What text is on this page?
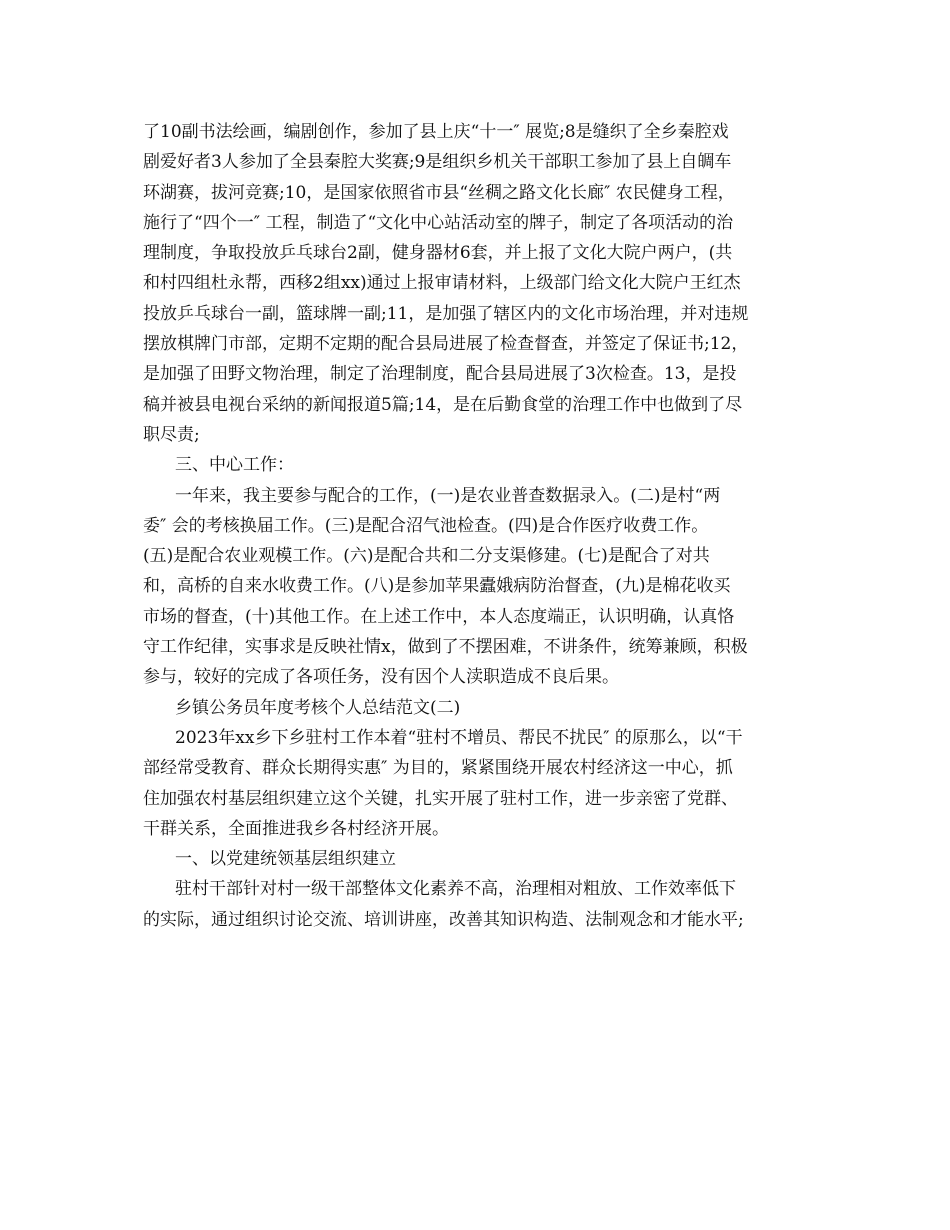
了10副书法绘画，编剧创作，参加了县上庆“十一″ 展览;8是缝织了全乡秦腔戏
剧爱好者3人参加了全县秦腔大奖赛;9是组织乡机关干部职工参加了县上自皗车
环湖赛，拔河竞赛;10，是国家依照省市县“丝稠之路文化长廊″ 农民健身工程，
施行了“四个一″ 工程，制造了“文化中心站活动室的牌子，制定了各项活动的治
理制度，争取投放乒乓球台2副，健身器材6套，并上报了文化大院户两户，(共
和村四组杜永帮，西移2组xx)通过上报审请材料，上级部门给文化大院户王红杰
投放乒乓球台一副，篮球牌一副;11，是加强了辖区内的文化市场治理，并对违规
摆放棋牌门市部，定期不定期的配合县局进展了检查督查，并签定了保证书;12，
是加强了田野文物治理，制定了治理制度，配合县局进展了3次检查。13，是投
稿并被县电视台采纳的新闻报道5篇;14，是在后勤食堂的治理工作中也做到了尽
职尽责;
三、中心工作：
一年来，我主要参与配合的工作，(一)是农业普查数据录入。(二)是村“两
委″ 会的考核换届工作。(三)是配合沼气池检查。(四)是合作医疗收费工作。
(五)是配合农业观模工作。(六)是配合共和二分支渠修建。(七)是配合了对共
和，高桥的自来水收费工作。(八)是参加苹果蠹娥病防治督查，(九)是棉花收买
市场的督查，(十)其他工作。在上述工作中，本人态度端正，认识明确，认真恪
守工作纪律，实事求是反映社情x，做到了不摆困难，不讲条件，统筹兼顾，积极
参与，较好的完成了各项任务，没有因个人渎职造成不良后果。
乡镇公务员年度考核个人总结范文(二)
2023年xx乡下乡驻村工作本着“驻村不增员、帮民不扰民″ 的原那么，以“干
部经常受教育、群众长期得实惠″ 为目的，紧紧围绕开展农村经济这一中心，抓
住加强农村基层组织建立这个关键，扎实开展了驻村工作，进一步亲密了党群、
干群关系，全面推进我乡各村经济开展。
一、以党建统领基层组织建立
驻村干部针对村一级干部整体文化素养不高，治理相对粗放、工作效率低下
的实际，通过组织讨论交流、培训讲座，改善其知识构造、法制观念和才能水平;
